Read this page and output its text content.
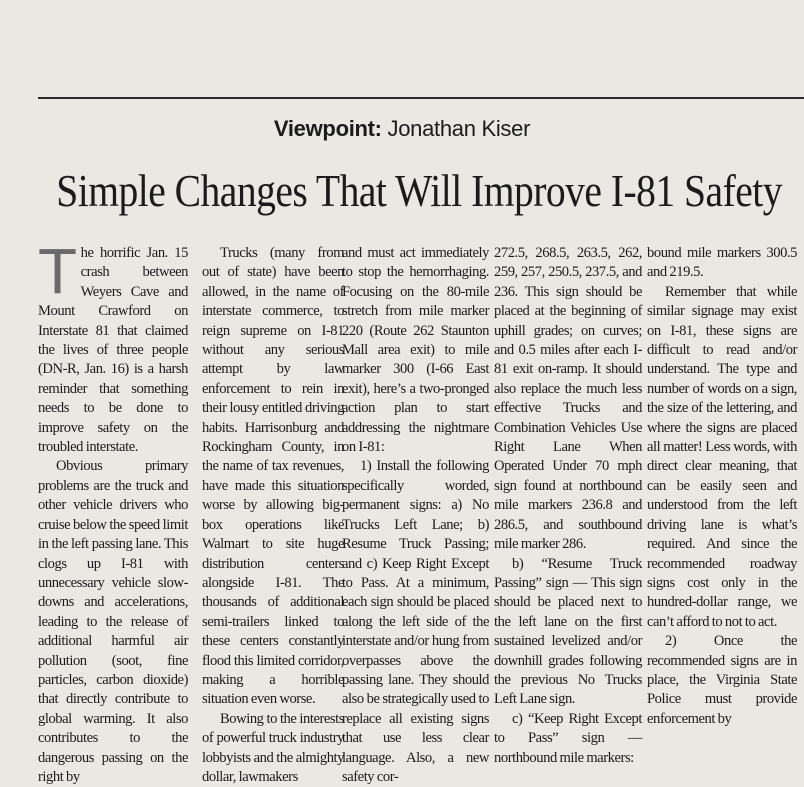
Viewpoint: Jonathan Kiser
Simple Changes That Will Improve I-81 Safety

The horrific Jan. 15 crash between Weyers Cave and Mount Crawford on Interstate 81 that claimed the lives of three people (DN-R, Jan. 16) is a harsh reminder that something needs to be done to improve safety on the troubled interstate.

Obvious primary problems are the truck and other vehicle drivers who cruise below the speed limit in the left passing lane. This clogs up I-81 with unnecessary vehicle slow-downs and accelerations, leading to the release of additional harmful air pollution (soot, fine particles, carbon dioxide) that directly contribute to global warming. It also contributes to the dangerous passing on the right by

Trucks (many from out of state) have been allowed, in the name of interstate commerce, to reign supreme on I-81 without any serious attempt by law enforcement to rein in their lousy entitled driving habits. Harrisonburg and Rockingham County, in the name of tax revenues, have made this situation worse by allowing big-box operations like Walmart to site huge distribution centers alongside I-81. The thousands of additional semi-trailers linked to these centers constantly flood this limited corridor, making a horrible situation even worse.

Bowing to the interests of powerful truck industry lobbyists and the almighty dollar, lawmakers

and must act immediately to stop the hemorrhaging. Focusing on the 80-mile stretch from mile marker 220 (Route 262 Staunton Mall area exit) to mile marker 300 (I-66 East exit), here’s a two-pronged action plan to start addressing the nightmare on I-81:

1) Install the following specifically worded, permanent signs: a) No Trucks Left Lane; b) Resume Truck Passing; and c) Keep Right Except to Pass. At a minimum, each sign should be placed along the left side of the interstate and/or hung from overpasses above the passing lane. They should also be strategically used to replace all existing signs that use less clear language. Also, a new safety cor-

272.5, 268.5, 263.5, 262, 259, 257, 250.5, 237.5, and 236. This sign should be placed at the beginning of uphill grades; on curves; and 0.5 miles after each I-81 exit on-ramp. It should also replace the much less effective Trucks and Combination Vehicles Use Right Lane When Operated Under 70 mph sign found at northbound mile markers 236.8 and 286.5, and southbound mile marker 286.

b) “Resume Truck Passing” sign — This sign should be placed next to the left lane on the first sustained levelized and/or downhill grades following the previous No Trucks Left Lane sign.

c) “Keep Right Except to Pass” sign — northbound mile markers:

bound mile markers 300.5 and 219.5.

Remember that while similar signage may exist on I-81, these signs are difficult to read and/or understand. The type and number of words on a sign, the size of the lettering, and where the signs are placed all matter! Less words, with direct clear meaning, that can be easily seen and understood from the left driving lane is what’s required. And since the recommended roadway signs cost only in the hundred-dollar range, we can’t afford to not to act.

2) Once the recommended signs are in place, the Virginia State Police must provide enforcement by
